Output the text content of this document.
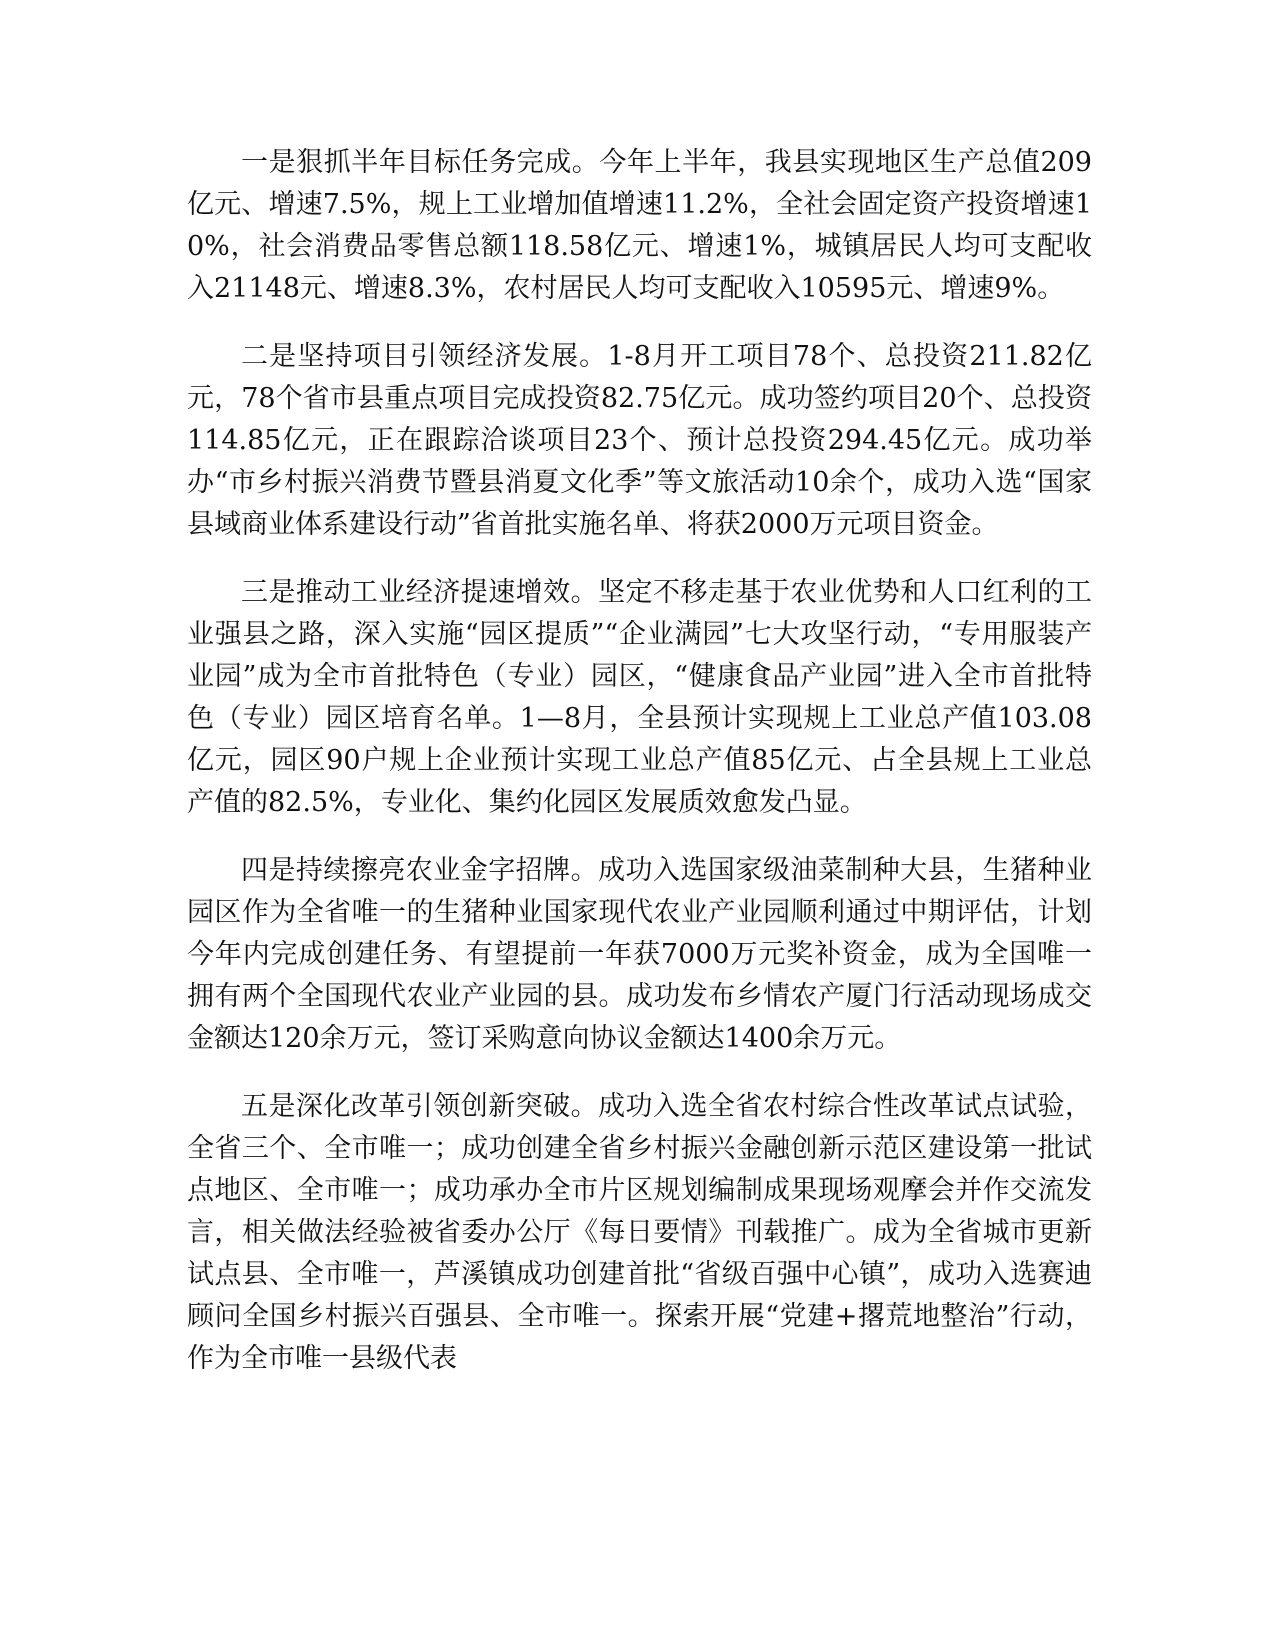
一是狠抓半年目标任务完成。今年上半年，我县实现地区生产总值209亿元、增速7.5%，规上工业增加值增速11.2%，全社会固定资产投资增速10%，社会消费品零售总额118.58亿元、增速1%，城镇居民人均可支配收入21148元、增速8.3%，农村居民人均可支配收入10595元、增速9%。

二是坚持项目引领经济发展。1-8月开工项目78个、总投资211.82亿元，78个省市县重点项目完成投资82.75亿元。成功签约项目20个、总投资114.85亿元，正在跟踪洽谈项目23个、预计总投资294.45亿元。成功举办“市乡村振兴消费节暨县消夏文化季”等文旅活动10余个，成功入选“国家县域商业体系建设行动”省首批实施名单、将获2000万元项目资金。

三是推动工业经济提速增效。坚定不移走基于农业优势和人口红利的工业强县之路，深入实施“园区提质”“企业满园”七大攻坚行动，“专用服装产业园”成为全市首批特色（专业）园区，“健康食品产业园”进入全市首批特色（专业）园区培育名单。1—8月，全县预计实现规上工业总产值103.08亿元，园区90户规上企业预计实现工业总产值85亿元、占全县规上工业总产值的82.5%，专业化、集约化园区发展质效愈发凸显。

四是持续擦亮农业金字招牌。成功入选国家级油菜制种大县，生猪种业园区作为全省唯一的生猪种业国家现代农业产业园顺利通过中期评估，计划今年内完成创建任务、有望提前一年获7000万元奖补资金，成为全国唯一拥有两个全国现代农业产业园的县。成功发布乡情农产厦门行活动现场成交金额达120余万元，签订采购意向协议金额达1400余万元。

五是深化改革引领创新突破。成功入选全省农村综合性改革试点试验，全省三个、全市唯一；成功创建全省乡村振兴金融创新示范区建设第一批试点地区、全市唯一；成功承办全市片区规划编制成果现场观摩会并作交流发言，相关做法经验被省委办公厅《每日要情》刊载推广。成为全省城市更新试点县、全市唯一，芦溪镇成功创建首批“省级百强中心镇”，成功入选赛迪顾问全国乡村振兴百强县、全市唯一。探索开展“党建+撂荒地整治”行动，作为全市唯一县级代表
